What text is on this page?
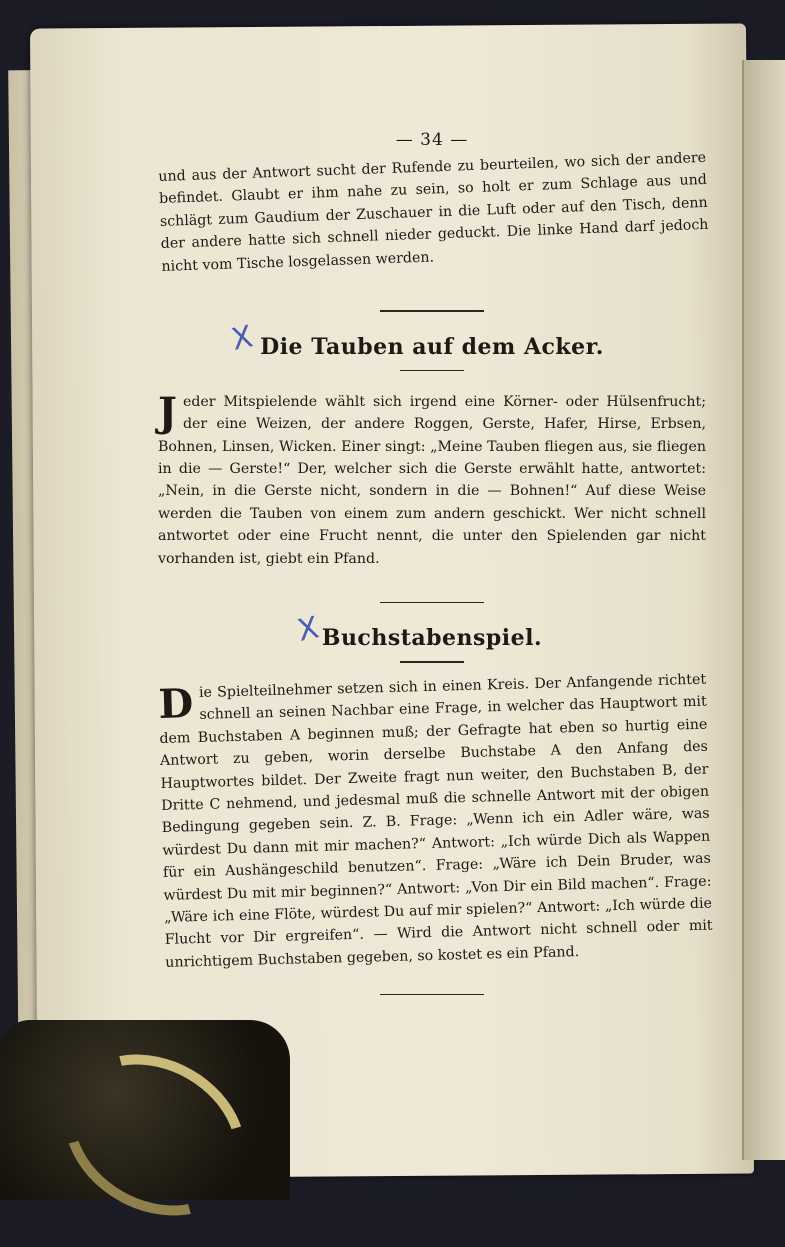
— 34 —

und aus der Antwort sucht der Rufende zu beurteilen, wo sich der andere befindet. Glaubt er ihm nahe zu sein, so holt er zum Schlage aus und schlägt zum Gaudium der Zuschauer in die Luft oder auf den Tisch, denn der andere hatte sich schnell nieder geduckt. Die linke Hand darf jedoch nicht vom Tische losgelassen werden.

X Die Tauben auf dem Acker.

Jeder Mitspielende wählt sich irgend eine Körner- oder Hülsenfrucht; der eine Weizen, der andere Roggen, Gerste, Hafer, Hirse, Erbsen, Bohnen, Linsen, Wicken. Einer singt: „Meine Tauben fliegen aus, sie fliegen in die — Gerste!“ Der, welcher sich die Gerste erwählt hatte, antwortet: „Nein, in die Gerste nicht, sondern in die — Bohnen!“ Auf diese Weise werden die Tauben von einem zum andern geschickt. Wer nicht schnell antwortet oder eine Frucht nennt, die unter den Spielenden gar nicht vorhanden ist, giebt ein Pfand.

X Buchstabenspiel.

Die Spielteilnehmer setzen sich in einen Kreis. Der Anfangende richtet schnell an seinen Nachbar eine Frage, in welcher das Hauptwort mit dem Buchstaben A beginnen muß; der Gefragte hat eben so hurtig eine Antwort zu geben, worin derselbe Buchstabe A den Anfang des Hauptwortes bildet. Der Zweite fragt nun weiter, den Buchstaben B, der Dritte C nehmend, und jedesmal muß die schnelle Antwort mit der obigen Bedingung gegeben sein. Z. B. Frage: „Wenn ich ein Adler wäre, was würdest Du dann mit mir machen?“ Antwort: „Ich würde Dich als Wappen für ein Aushängeschild benutzen“. Frage: „Wäre ich Dein Bruder, was würdest Du mit mir beginnen?“ Antwort: „Von Dir ein Bild machen“. Frage: „Wäre ich eine Flöte, würdest Du auf mir spielen?“ Antwort: „Ich würde die Flucht vor Dir ergreifen“. — Wird die Antwort nicht schnell oder mit unrichtigem Buchstaben gegeben, so kostet es ein Pfand.
